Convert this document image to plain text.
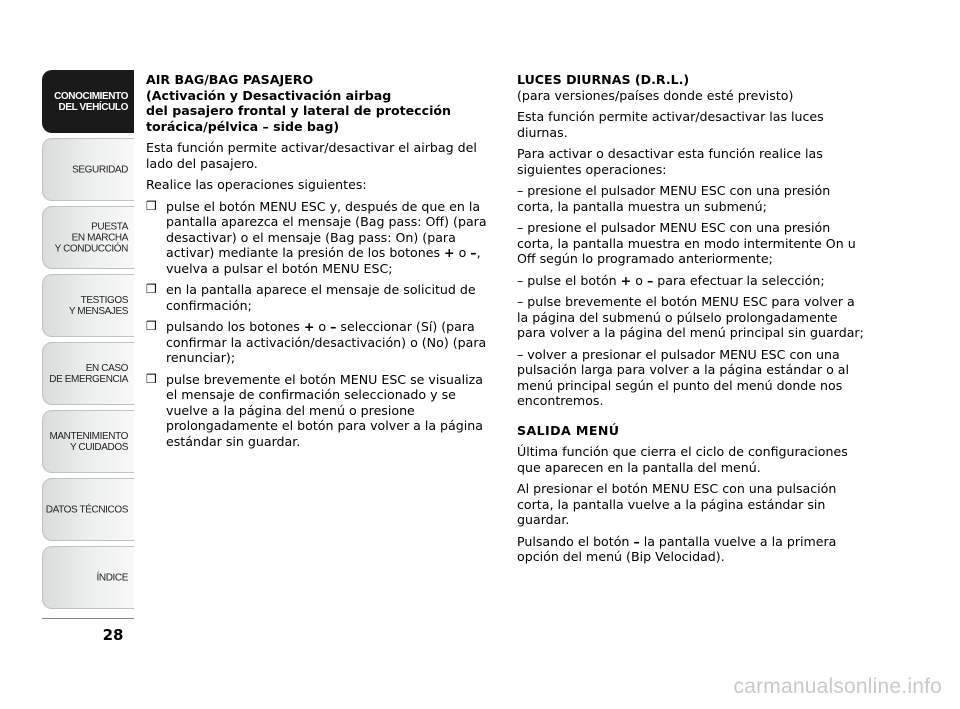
CONOCIMIENTO
DEL VEHÍCULO
SEGURIDAD
PUESTA
EN MARCHA
Y CONDUCCIÓN
TESTIGOS
Y MENSAJES
EN CASO
DE EMERGENCIA
MANTENIMIENTO
Y CUIDADOS
DATOS TÉCNICOS
ÍNDICE
28
AIR BAG/BAG PASAJERO
(Activación y Desactivación airbag
del pasajero frontal y lateral de protección
torácica/pélvica – side bag)

Esta función permite activar/desactivar el airbag del lado del pasajero.

Realice las operaciones siguientes:

❒ pulse el botón MENU ESC y, después de que en la pantalla aparezca el mensaje (Bag pass: Off) (para desactivar) o el mensaje (Bag pass: On) (para activar) mediante la presión de los botones + o –, vuelva a pulsar el botón MENU ESC;
❒ en la pantalla aparece el mensaje de solicitud de confirmación;
❒ pulsando los botones + o – seleccionar (Sí) (para confirmar la activación/desactivación) o (No) (para renunciar);
❒ pulse brevemente el botón MENU ESC se visualiza el mensaje de confirmación seleccionado y se vuelve a la página del menú o presione prolongadamente el botón para volver a la página estándar sin guardar.
LUCES DIURNAS (D.R.L.)
(para versiones/países donde esté previsto)

Esta función permite activar/desactivar las luces diurnas.

Para activar o desactivar esta función realice las siguientes operaciones:

– presione el pulsador MENU ESC con una presión corta, la pantalla muestra un submenú;

– presione el pulsador MENU ESC con una presión corta, la pantalla muestra en modo intermitente On u Off según lo programado anteriormente;

– pulse el botón + o – para efectuar la selección;

– pulse brevemente el botón MENU ESC para volver a la página del submenú o púlselo prolongadamente para volver a la página del menú principal sin guardar;

– volver a presionar el pulsador MENU ESC con una pulsación larga para volver a la página estándar o al menú principal según el punto del menú donde nos encontremos.

SALIDA MENÚ

Última función que cierra el ciclo de configuraciones que aparecen en la pantalla del menú.

Al presionar el botón MENU ESC con una pulsación corta, la pantalla vuelve a la página estándar sin guardar.

Pulsando el botón – la pantalla vuelve a la primera opción del menú (Bip Velocidad).

carmanualsonline.info
